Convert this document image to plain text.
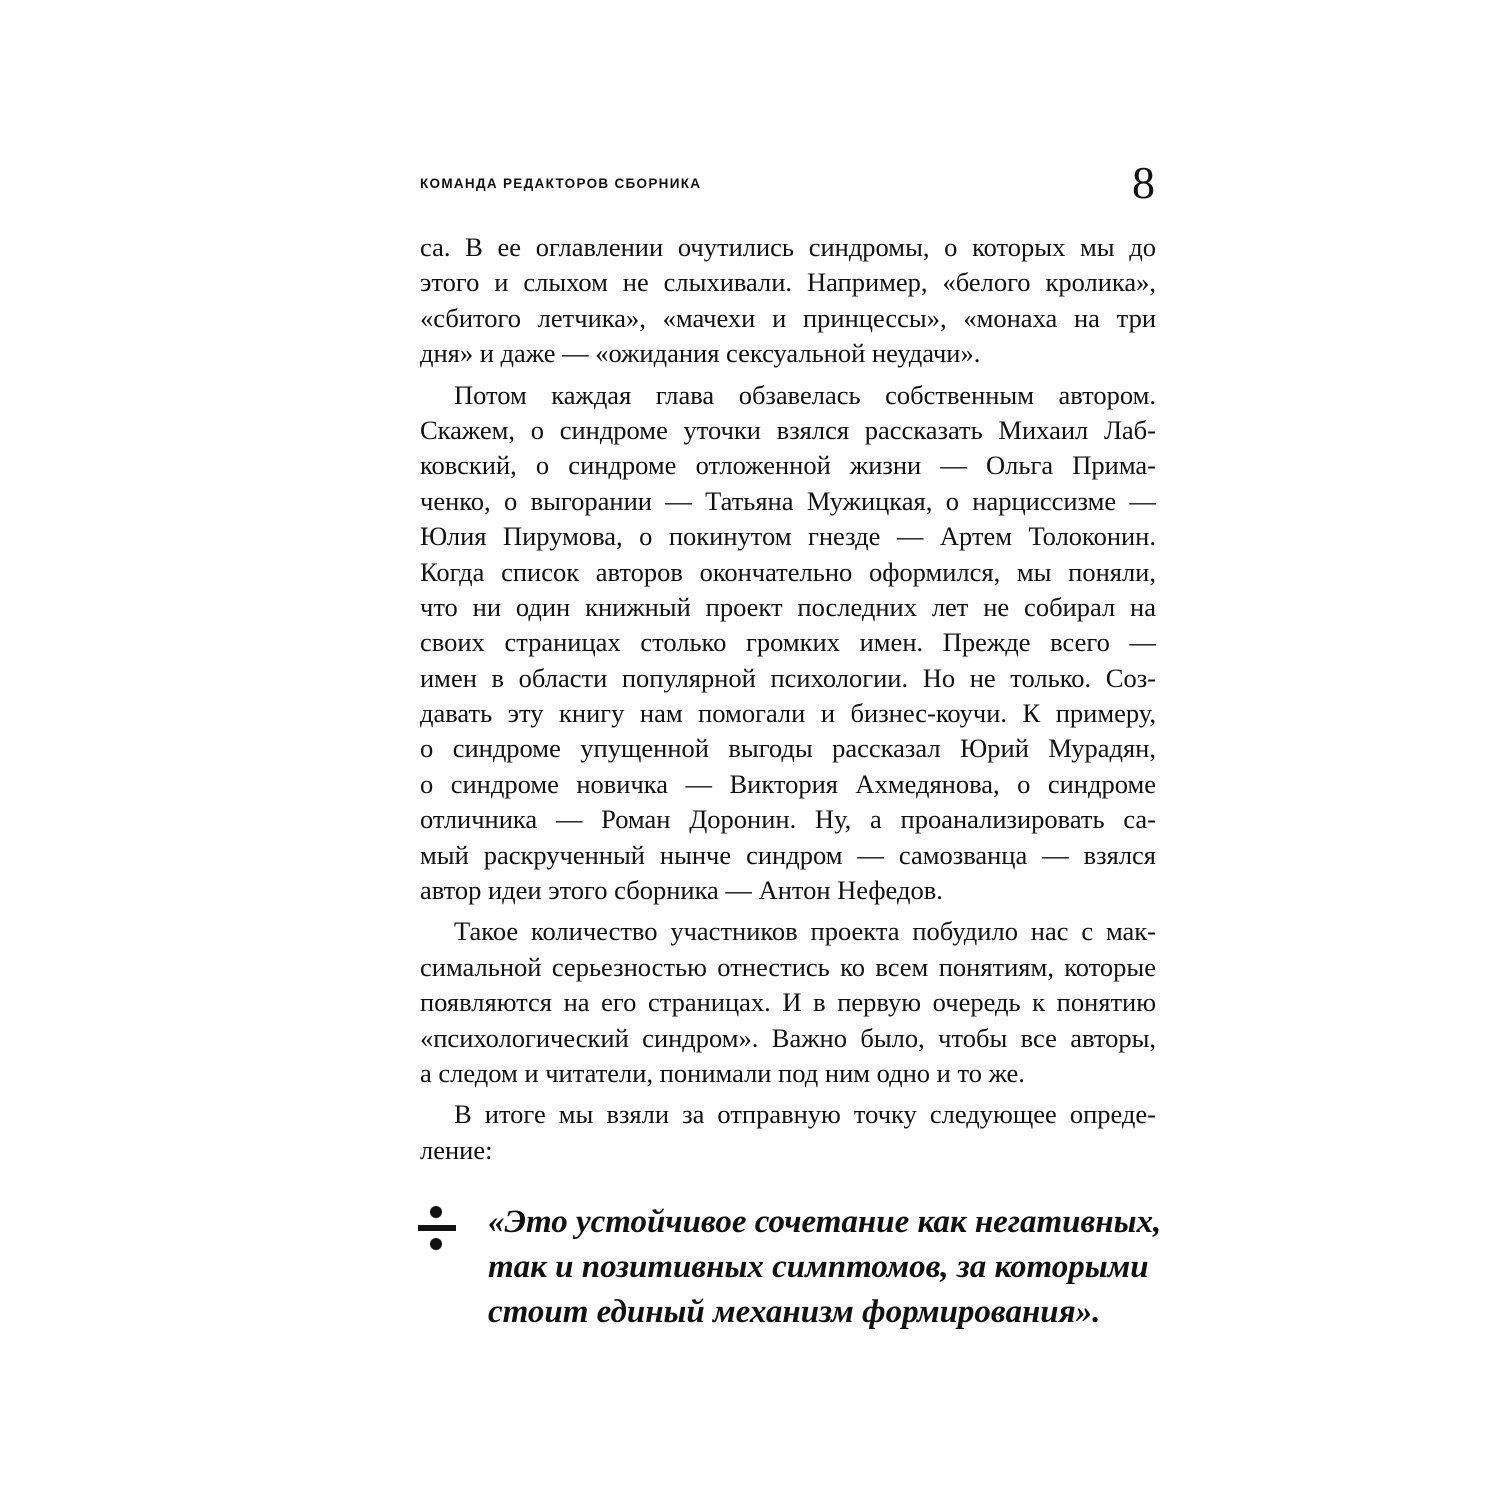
КОМАНДА РЕДАКТОРОВ СБОРНИКА	8
са. В ее оглавлении очутились синдромы, о которых мы до
этого и слыхом не слыхивали. Например, «белого кролика»,
«сбитого летчика», «мачехи и принцессы», «монаха на три
дня» и даже — «ожидания сексуальной неудачи».
Потом каждая глава обзавелась собственным автором.
Скажем, о синдроме уточки взялся рассказать Михаил Лаб-
ковский, о синдроме отложенной жизни — Ольга Прима-
ченко, о выгорании — Татьяна Мужицкая, о нарциссизме —
Юлия Пирумова, о покинутом гнезде — Артем Толоконин.
Когда список авторов окончательно оформился, мы поняли,
что ни один книжный проект последних лет не собирал на
своих страницах столько громких имен. Прежде всего —
имен в области популярной психологии. Но не только. Соз-
давать эту книгу нам помогали и бизнес-коучи. К примеру,
о синдроме упущенной выгоды рассказал Юрий Мурадян,
о синдроме новичка — Виктория Ахмедянова, о синдроме
отличника — Роман Доронин. Ну, а проанализировать са-
мый раскрученный нынче синдром — самозванца — взялся
автор идеи этого сборника — Антон Нефедов.
Такое количество участников проекта побудило нас с мак-
симальной серьезностью отнестись ко всем понятиям, которые
появляются на его страницах. И в первую очередь к понятию
«психологический синдром». Важно было, чтобы все авторы,
а следом и читатели, понимали под ним одно и то же.
В итоге мы взяли за отправную точку следующее опреде-
ление:
«Это устойчивое сочетание как негативных,
так и позитивных симптомов, за которыми
стоит единый механизм формирования».
